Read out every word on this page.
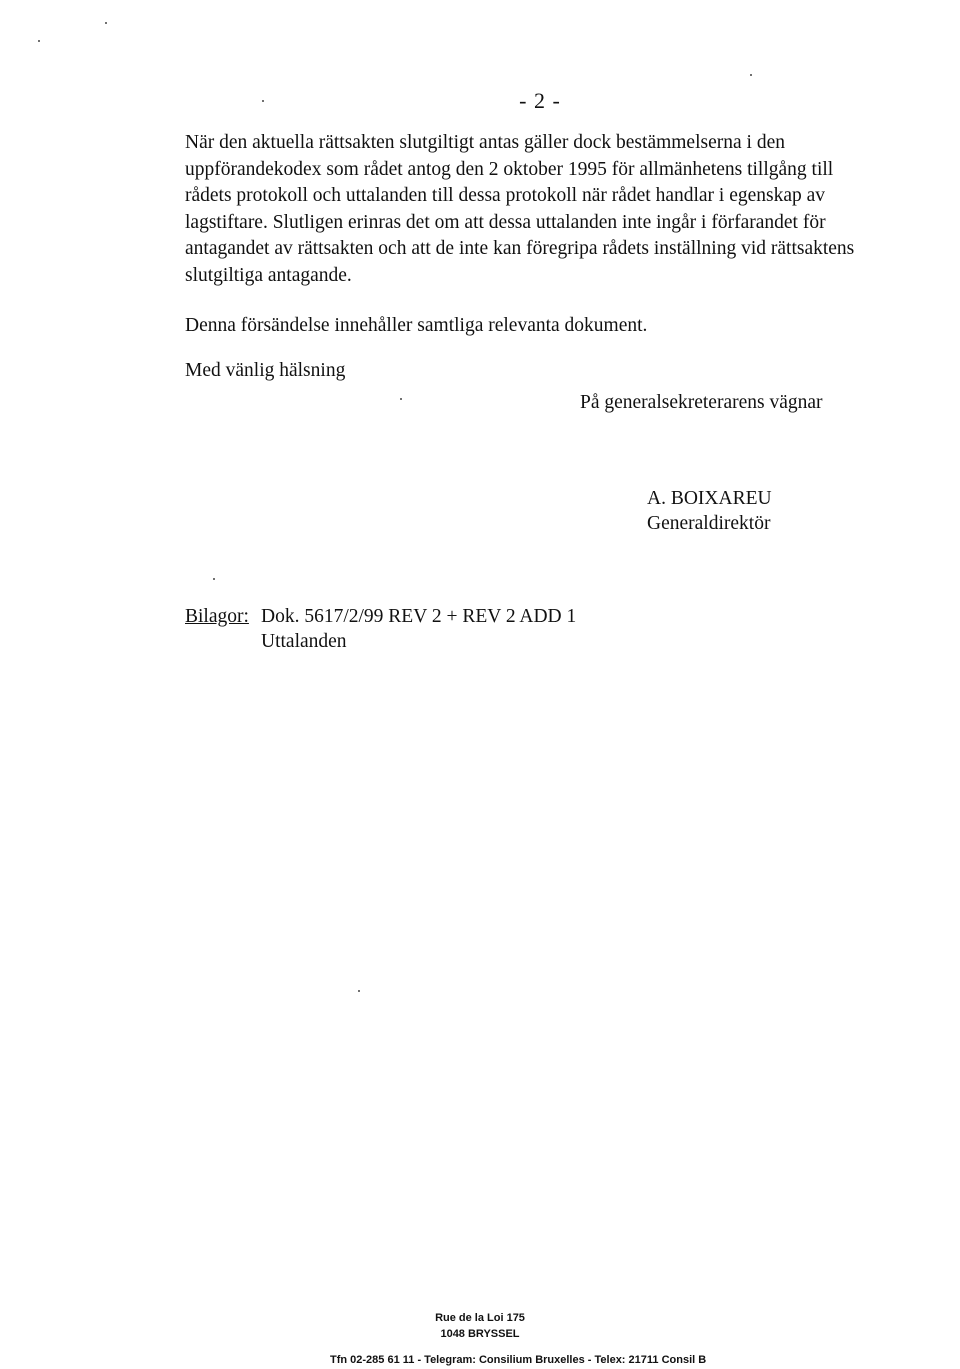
- 2 -

När den aktuella rättsakten slutgiltigt antas gäller dock bestämmelserna i den uppförandekodex som rådet antog den 2 oktober 1995 för allmänhetens tillgång till rådets protokoll och uttalanden till dessa protokoll när rådet handlar i egenskap av lagstiftare. Slutligen erinras det om att dessa uttalanden inte ingår i förfarandet för antagandet av rättsakten och att de inte kan föregripa rådets inställning vid rättsaktens slutgiltiga antagande.

Denna försändelse innehåller samtliga relevanta dokument.

Med vänlig hälsning

På generalsekreterarens vägnar
A. BOIXAREU
Generaldirektör
Bilagor: Dok. 5617/2/99 REV 2 + REV 2 ADD 1
Uttalanden
Rue de la Loi 175
1048 BRYSSEL
Tfn 02-285 61 11 - Telegram: Consilium Bruxelles - Telex: 21711 Consil B
